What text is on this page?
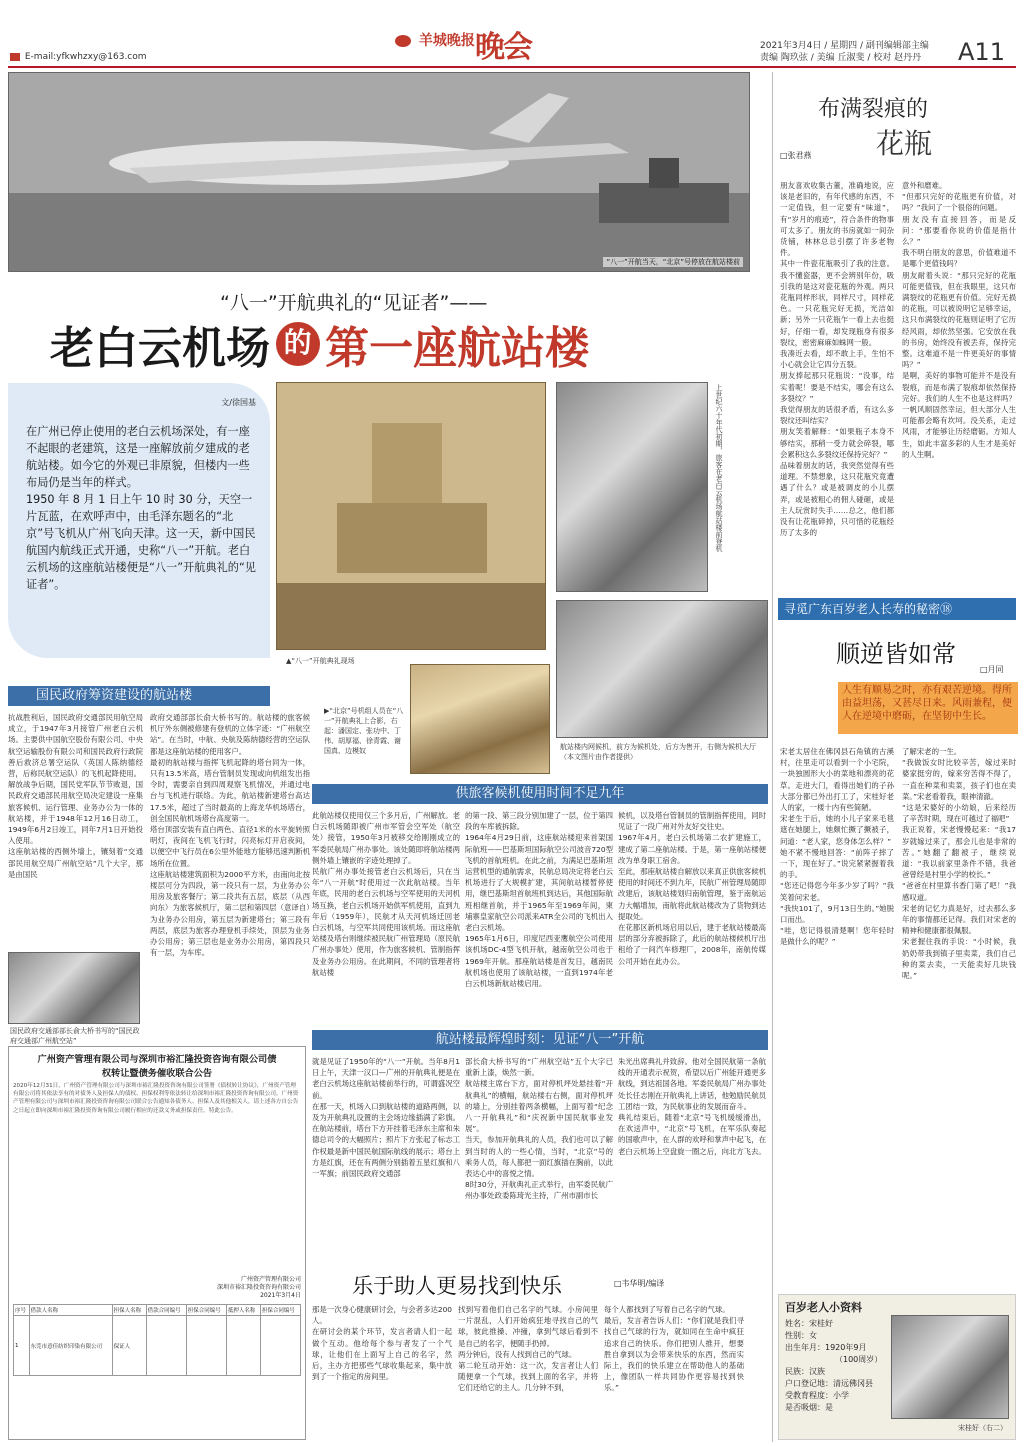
E-mail:yfkwhzxy@163.com
羊城晚报 晚会	2021年3月4日 / 星期四 / 副刊编辑部主编
责编 陶玖弦 / 美编 丘淑斐 / 校对 赵丹丹 A11
“八一”开航当天，“北京”号停放在航站楼前
“八一”开航典礼的“见证者”——
老白云机场 的 第一座航站楼
文/徐国基
在广州已停止使用的老白云机场深处，有一座不起眼的老建筑，这是一座解放前夕建成的老航站楼。如今它的外观已非原貌，但楼内一些布局仍是当年的样式。
1950 年 8 月 1 日上午 10 时 30 分，天空一片瓦蓝，在欢呼声中，由毛泽东题名的“北京”号飞机从广州飞向天津。这一天，新中国民航国内航线正式开通，史称“八一”开航。老白云机场的这座航站楼便是“八一”开航典礼的“见证者”。
▲“八一”开航典礼现场
上世纪六十年代初期，旅客在老白云机场航站楼前登机
▶“北京”号机组人员在“八一”开航典礼上合影，右起：潘国定、张功中、丁伟、胡厚福、徐青霞、谢国真、边模奴	航站楼内网候机，前方为候机处，后方为售开，右侧为候机大厅
（本文图片由作者提供）
国民政府筹资建设的航站楼
抗战胜利后，国民政府交通部民用航空局成立，于1947年3月接管广州老白云机场。主要供中国航空股份有限公司、中央航空运输股份有限公司和国民政府行政院善后救济总署空运队（英国人陈纳德经营，后称民航空运队）的飞机起降使用。
解放战争后期，国民党军队节节败退，国民政府交通部民用航空局决定建设一座集旅客候机、运行管理、业务办公为一体的航站楼，并于1948年12月16日动工，1949年6月2日竣工，同年7月1日开始投入使用。
这座航站楼的西侧外墙上，镶刻着“交通部民用航空局广州航空站”几个大字，那是由国民
国民政府交通部部长俞大桥书写的“国民政府交通部广州航空站”
政府交通部部长俞大桥书写的。航站楼的旅客候机厅外东侧被修建有登机的立体字迹：“广州航空站”。在当时，中航、央航及陈纳德经营的空运队都是这座航站楼的使用客户。
最初的航站楼与指挥飞机起降的塔台同为一体，只有13.5米高，塔台管制员发现或向机组发出指令时，需要亲自到四周观察飞机情况，并通过电台与飞机进行联络。为此，航站楼新建塔台高达17.5米，超过了当时最高的上海龙华机场塔台，创全国民航机场塔台高度第一。
塔台顶部安装有直白两色、直径1米的水平旋转照明灯，夜间在飞机飞行时，闪亮标灯开启夜间，以便空中飞行员在6公里外能地方能够迅速判断机场所在位置。
这座航站楼建筑面积为2000平方米，由南向北按楼层可分为四段，第一段只有一层，为业务办公用房及旅客餐厅；第二段共有五层，底层（从西向东）为旅客候机厅，第二层和第四层（意译自）为业务办公用房，第五层为新建塔台；第三段有两层，底层为旅客办理登机手续处，顶层为业务办公用房；第三层也是业务办公用房，第四段只有一层，为车库。
供旅客候机使用时间不足九年
此航站楼仅使用仅三个多月后，广州解放。老白云机场随即被广州市军管会空军处（航空处）接管，1950年3月被移交给刚刚成立的军委民航局广州办事处。该处随即将航站楼两侧外墙上镶嵌的字迹处理掉了。
民航广州办事处接管老白云机场后，只在当年“八一开航”时使用过一次此航站楼。当年年底，民用的老白云机场与空军使用的天河机场互换，老白云机场开始供军机使用，直到九年后（1959年），民航才从天河机场迁回老白云机场，与空军共同使用该机场。而这座航站楼及塔台则继续被民航广州管理局（原民航广州办事处）使用，作为旅客候机、管制指挥及业务办公用房。在此期间，不同的管理者将航站楼
的第一段、第三段分别加建了一层，位于第四段的车库被拆除。
1964年4月29日前，这座航站楼迎来首架国际航班——巴基斯坦国际航空公司波音720型飞机的首航班机。在此之前，为满足巴基斯坦运营机型的通航需求，民航总局决定将老白云机场进行了大规模扩建，其间航站楼暂停使用，继巴基斯坦首航班机到达后，其他国际航班相继首航，并于1965年至1969年间，柬埔寨皇家航空公司派来ATR全公司的飞机出入老白云机场。
1965年1月6日，印度尼西亚鹰航空公司使用该机场DC-4型飞机开航，越南航空公司也于1969年开航。那座航站楼是首发日，越南民航机场也使用了该航站楼，一直到1974年老白云机场新航站楼启用。
候机，以及塔台管制员的管制指挥使用，同时见证了一段广州对外友好交往史。
1967年4月，老白云机场第二农扩建施工，建成了第二座航站楼。于是，第一座航站楼便改为单身职工宿舍。
至此，那座航站楼自解放以来真正供旅客候机使用的时间还不到九年，民航广州管理局随即改建后，该航站楼划归南航管理，鉴于南航运力大幅增加，南航将此航站楼改为了货物到达提取处。
在花都区新机场启用以后，建于老航站楼最高层的部分弃被拆除了，此后的航站楼候机厅出租给了一间汽车修理厂，2008年，南航传媒公司开始在此办公。
航站楼最辉煌时刻：见证“八一”开航
就是见证了1950年的“八一”开航。当年8月1日上午，天津一汉口—广州的开航典礼便是在老白云机场这座航站楼前举行的，可谓盛况空前。
在那一天，机场入口到航站楼的道路两侧，以及为开航典礼设置的主会场边缘插满了彩旗。在航站楼前，塔台下方开挂着毛泽东主席和朱德总司令的大幅照片；照片下方张起了标志工作权最是新中国民航国际航线的展示；塔台上方是红旗，还在有两侧分别插着五星红旗和八一军旗；前国民政府交通部
部长俞大桥书写的“广州航空站”五个大字已重新上漆，焕然一新。
航站楼主席台下方，面对停机坪处悬挂着“开航典礼”的横幅，航站楼右右侧，面对停机坪的墙上，分别挂着两条横幅，上面写着“纪念八一开航典礼”和“庆祝新中国民航事业发展”。
当天，参加开航典礼的人员，我们也可以了解到当时的人的一些心情，当时，“北京”号的乘务人员，每人都把一面红旗插在胸前，以此表达心中的喜悦之情。
8时30分，开航典礼正式举行，由军委民航广州办事处政委陈琦光主持，广州市副市长
朱光出席典礼并致辞。他对全国民航第一条航线的开通表示祝贺，希望以后广州能开通更多航线，到达祖国各地。军委民航局广州办事处处长任志刚在开航典礼上讲话，他勉励民航员工团结一致，为民航事业的发展而奋斗。
典礼结束后，随着“北京”号飞机缓缓滑出，在欢送声中，“北京”号飞机，在军乐队奏起的国歌声中，在人群的欢呼和掌声中起飞，在老白云机场上空盘旋一圈之后，向北方飞去。
广州资产管理有限公司与深圳市裕汇隆投资咨询有限公司债
权转让暨债务催收联合公告
2020年12月31日，广州资产管理有限公司与深圳市裕汇隆投资咨询有限公司签署《债权转让协议》，广州资产管理有限公司将其依法享有的对债务人及担保人的债权、担保权利等依法转让给深圳市裕汇隆投资咨询有限公司。广州资产管理有限公司与深圳市裕汇隆投资咨询有限公司联合公告通知各债务人、担保人及其他相关人，请上述各方自公告之日起立即向深圳市裕汇隆投资咨询有限公司履行相应的还款义务或担保责任。特此公告。
广州资产管理有限公司
深圳市裕汇隆投资咨询有限公司
2021年3月4日
序号	借款人名称	担保人名称	借款合同编号	担保合同编号	抵押人名称	担保合同编号
1	东莞市意佳纺织印染有限公司	保证人				
乐于助人更易找到快乐	□韦华明/编译
那是一次身心健康研讨会，与会者多达200人。
在研讨会的某个环节，发言者请人们一起做个互动。他给每个参与者发了一个气球，让他们在上面写上自己的名字，然后，主办方把那些气球收集起来，集中放到了一个指定的房间里。
找到写着他们自己名字的气球。小房间里一片混乱，人们开始疯狂地寻找自己的气球，彼此推搡、冲撞，拿到气球后看到不是自己的名字，便随手扔掉。
两分钟后，没有人找到自己的气球。
第二轮互动开始：这一次，发言者让人们随便拿一个气球，找到上面的名字，并将它们还给它的主人。几分钟不到，
每个人都找到了写着自己名字的气球。
最后，发言者告诉人们：“你们就是我们寻找自己气球的行为，就如同在生命中疯狂追求自己的快乐。你们把别人推开，想要胜自拿到以为会带来快乐的东西，然而实际上，我们的快乐建立在帮助他人的基础上，像团队一样共同协作更容易找到快乐。”
布满裂痕的
花瓶
□张君燕
朋友喜欢收集古董，准确地说，应该是老旧的，有年代感的东西，不一定值钱，但一定要有“味道”，有“岁月的痕迹”，符合条件的物事可太多了。朋友的书房就如一间杂货铺，林林总总引摆了许多老物件。
其中一件瓷花瓶吸引了我的注意。我不懂瓷器，更不会辨别年份，吸引我的是这对瓷花瓶的外观。两只花瓶同样形状，同样尺寸，同样花色。一只花瓶完好无损，光洁如新；另外一只花瓶乍一看上去也挺好，仔细一看，却发现瓶身有很多裂纹，密密麻麻如蛛网一般。
我凑近去看，却不敢上手，生怕不小心就会让它四分五裂。
朋友捧起那只花瓶说：“没事，结实着呢！要是不结实，哪会有这么多裂纹？”
我觉得朋友的话很矛盾，有这么多裂纹还叫结实？
朋友笑着解释：“如果瓶子本身不够结实，那稍一受力就会碎裂，哪会累积这么多裂纹还保持完好？”
品味着朋友的话，我突然觉得有些道理。不禁想象，这只花瓶究竟遭遇了什么？或是被调皮的小儿摆弄，或是被粗心的佣人碰砸，或是主人玩赏时失手……总之，他们都没有让花瓶碎掉，只可惜的花瓶经历了太多的
意外和磨难。
“但那只完好的花瓶更有价值，对吗？”我问了一个很俗的问题。
朋友没有直接回答，而是反问：“那要看你说的价值是指什么？”
我不明白朋友的意思，价值难道不是哪个更值钱吗？
朋友耐着头说：“那只完好的花瓶可能更值钱，但在我眼里，这只布满裂纹的花瓶更有价值。完好无损的花瓶，可以被说明它足够幸运，这只布满裂纹的花瓶则证明了它历经风雨，却依然坚强。它安放在我的书房，始终没有被丢弃，保持完整。这难道不是一件更美好的事情吗？”
是啊，美好的事物可能并不是没有裂痕，而是布满了裂痕却依然保持完好。我们的人生不也是这样吗？一帆风顺固然幸运，但大部分人生可能都会略有坎坷。没关系，走过风雨，才能够让历经磨砺。方知人生，如此丰富多彩的人生才是美好的人生啊。
寻觅广东百岁老人长寿的秘密⑱
顺逆皆如常
□月同
人生有顺易之时，亦有艰苦逆境。得所由益坦荡，又甚尽日来。风雨兼程，便人在逆境中磨砺，在坚韧中生长。
宋老太居住在佛冈县石角镇的古溪村，往里走可以看到一个小宅院，一块独圆形大小的菜地和漂亮的花草。走进大门，看得出她们的子孙大部分都已外出打工了，宋桂好老人的家，一楼十内有些简陋。
宋老生于后，她的小儿子家来毛毯遮在她腿上，她颇忙撅了撅被子，问道：“老人家，您身体怎么样？”
她不紧不慢地回答：“前阵子摔了一下，现在好了。”说完紧紧握着我的手。
“您还记得您今年多少岁了吗？”我笑着问宋老。
“我快101了，9月13日生的。”她脱口而出。
“哇，您记得很清楚啊！您年轻时是做什么的呢？”
了解宋老的一生。
“我做饭女时比较辛苦，嫁过来时婆家挺穷的，嫁来穷苦得不得了，一直在种菜和卖菜，孩子们也在卖菜。”宋老看着我，眼神清澈。
“这是宋婆好的小幼娘，后来经历了辛苦时期，现在可越过了福吧”
我正说着，宋老慢慢起来：“我17岁就嫁过来了，那会儿也是非常的苦。”她翻了翻被子，继续说道：“我以前家里条件不错，我爸爸曾经是村里小学的校长。”
“爸爸在村里算书香门第了吧！”我感叹道。
宋老的记忆力真是好，过去那么多年的事情都还记得。我们对宋老的精神和健康都很佩服。
宋老握住我的手说：“小时候，我奶奶带我到镇子里卖菜，我们自己种的菜去卖，一天能卖好几块钱呢。”
百岁老人小资料
姓名：宋桂好
性别：女
出生年月：1920年9月
（100周岁）
民族：汉族
户口登记地：清远佛冈县
受教育程度：小学
是否吸烟：是
宋桂好（右二）
